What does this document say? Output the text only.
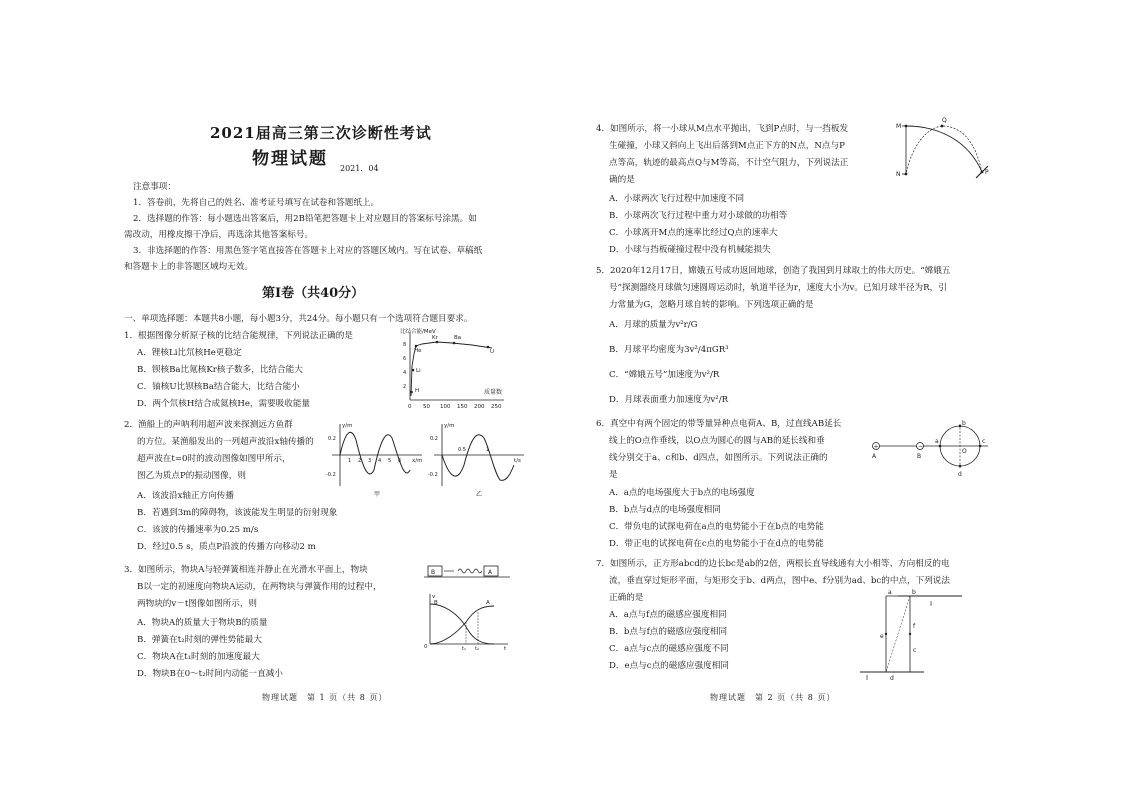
2021届高三第三次诊断性考试
物理试题 2021．04
注意事项：
1．答卷前，先将自己的姓名、准考证号填写在试卷和答题纸上。
2．选择题的作答：每小题选出答案后，用2B铅笔把答题卡上对应题目的答案标号涂黑。如
需改动，用橡皮擦干净后，再选涂其他答案标号。
3．非选择题的作答：用黑色签字笔直接答在答题卡上对应的答题区域内。写在试卷、草稿纸
和答题卡上的非答题区域均无效。
第Ⅰ卷（共40分）
一、单项选择题：本题共8小题，每小题3分，共24分。每小题只有一个选项符合题目要求。
1．根据图像分析原子核的比结合能规律，下列说法正确的是
A．锂核Li比氘核He更稳定
B．钡核Ba比氪核Kr核子数多，比结合能大
C．铀核U比钡核Ba结合能大，比结合能小
D．两个氘核H结合成氦核He，需要吸收能量
比结合能/MeV
质量数
8
6
4
2
0 50 100 150 200 250
He
Kr	Ba
U
Li
H
2．渔船上的声呐利用超声波来探测远方鱼群
的方位。某渔船发出的一列超声波沿x轴传播的
超声波在t=0时的波动图像如图甲所示，
图乙为质点P的振动图像，则
A．该波沿x轴正方向传播
B．若遇到3m的障碍物，该波能发生明显的衍射现象
C．该波的传播速率为0.25 m/s
D．经过0.5 s，质点P沿波的传播方向移动2 m
y/m
x/m
0.2
-0.2
1 2 3 4 5 6
甲
y/m
t/s
0.2
-0.2
0.5	1
乙
3．如图所示，物块A与轻弹簧相连并静止在光滑水平面上，物块
B以一定的初速度向物块A运动，在两物块与弹簧作用的过程中，
两物块的v－t图像如图所示，则
A．物块A的质量大于物块B的质量
B．弹簧在t₂时刻的弹性势能最大
C．物块A在t₁时刻的加速度最大
D．物块B在0～t₂时间内动能一直减小
B	A
v
t
0	t₁ t₂
B	A
物理试题　第 1 页（共 8 页）
4．如图所示，将一小球从M点水平抛出，飞到P点时，与一挡板发
生碰撞，小球又斜向上飞出后落到M点正下方的N点，N点与P
点等高，轨迹的最高点Q与M等高，不计空气阻力，下列说法正
确的是
A．小球两次飞行过程中加速度不同
B．小球两次飞行过程中重力对小球做的功相等
C．小球离开M点的速率比经过Q点的速率大
D．小球与挡板碰撞过程中没有机械能损失
M
Q
N	P
5．2020年12月17日，嫦娥五号成功返回地球，创造了我国到月球取土的伟大历史。“嫦娥五
号”探测器绕月球做匀速圆周运动时，轨道半径为r，速度大小为v。已知月球半径为R，引
力常量为G，忽略月球自转的影响。下列选项正确的是
A．月球的质量为v²r/G
B．月球平均密度为3v²/4πGR³
C．“嫦娥五号”加速度为v²/R
D．月球表面重力加速度为v²/R
6．真空中有两个固定的带等量异种点电荷A、B，过直线AB延长
线上的O点作垂线，以O点为圆心的圆与AB的延长线和垂
线分别交于a、c和b、d四点，如图所示。下列说法正确的
是
A．a点的电场强度大于b点的电场强度
B．b点与d点的电场强度相同
C．带负电的试探电荷在a点的电势能小于在b点的电势能
D．带正电的试探电荷在c点的电势能小于在d点的电势能
+	−
A	B
a	c
b
d
O
7．如图所示，正方形abcd的边长bc是ab的2倍，两根长直导线通有大小相等、方向相反的电
流，垂直穿过矩形平面，与矩形交于b、d两点，图中e、f分别为ad、bc的中点，下列说法
正确的是
A．a点与f点的磁感应强度相同
B．b点与f点的磁感应强度相同
C．a点与c点的磁感应强度不同
D．e点与c点的磁感应强度相同
a	b
c
d
e
f
I
I
物理试题　第 2 页（共 8 页）
